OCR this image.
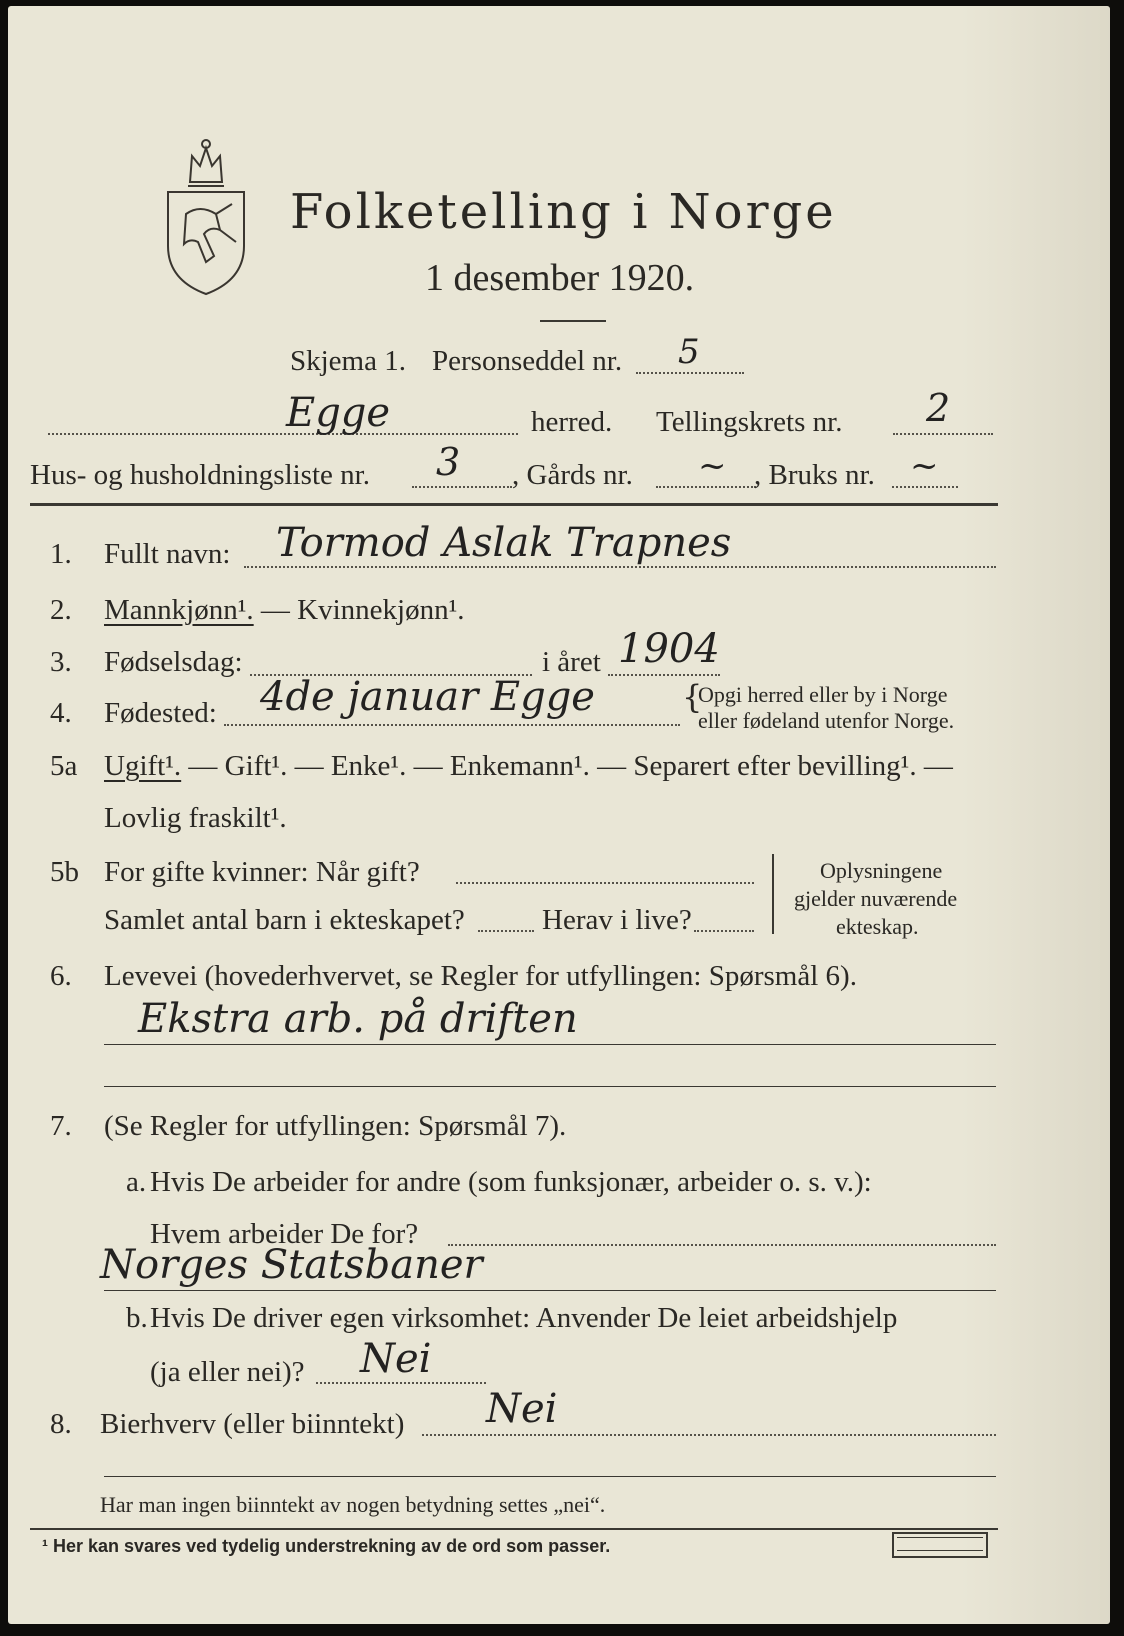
Folketelling i Norge
1 desember 1920.
Skjema 1. Personseddel nr. 5
Egge	herred. Tellingskrets nr. 2
Hus- og husholdningsliste nr. 3 , Gårds nr. ~ , Bruks nr. ~
1. Fullt navn: Tormod Aslak Trapnes
2. Mannkjønn¹. — Kvinnekjønn¹.
3. Fødselsdag:	i året 1904
4. Fødested: 4de januar Egge	{
Opgi herred eller by i Norge
eller fødeland utenfor Norge.
5a Ugift¹. — Gift¹. — Enke¹. — Enkemann¹. — Separert efter bevilling¹. —
Lovlig fraskilt¹.
5b For gifte kvinner: Når gift?
Samlet antal barn i ekteskapet?	Herav i live?
Oplysningene
gjelder nuværende
ekteskap.
6. Levevei (hovederhvervet, se Regler for utfyllingen: Spørsmål 6).
Ekstra arb. på driften
7. (Se Regler for utfyllingen: Spørsmål 7).
a. Hvis De arbeider for andre (som funksjonær, arbeider o. s. v.):
Hvem arbeider De for?
Norges Statsbaner
b. Hvis De driver egen virksomhet: Anvender De leiet arbeidshjelp
(ja eller nei)? Nei
8. Bierhverv (eller biinntekt) Nei
Har man ingen biinntekt av nogen betydning settes „nei“.
¹ Her kan svares ved tydelig understrekning av de ord som passer.
